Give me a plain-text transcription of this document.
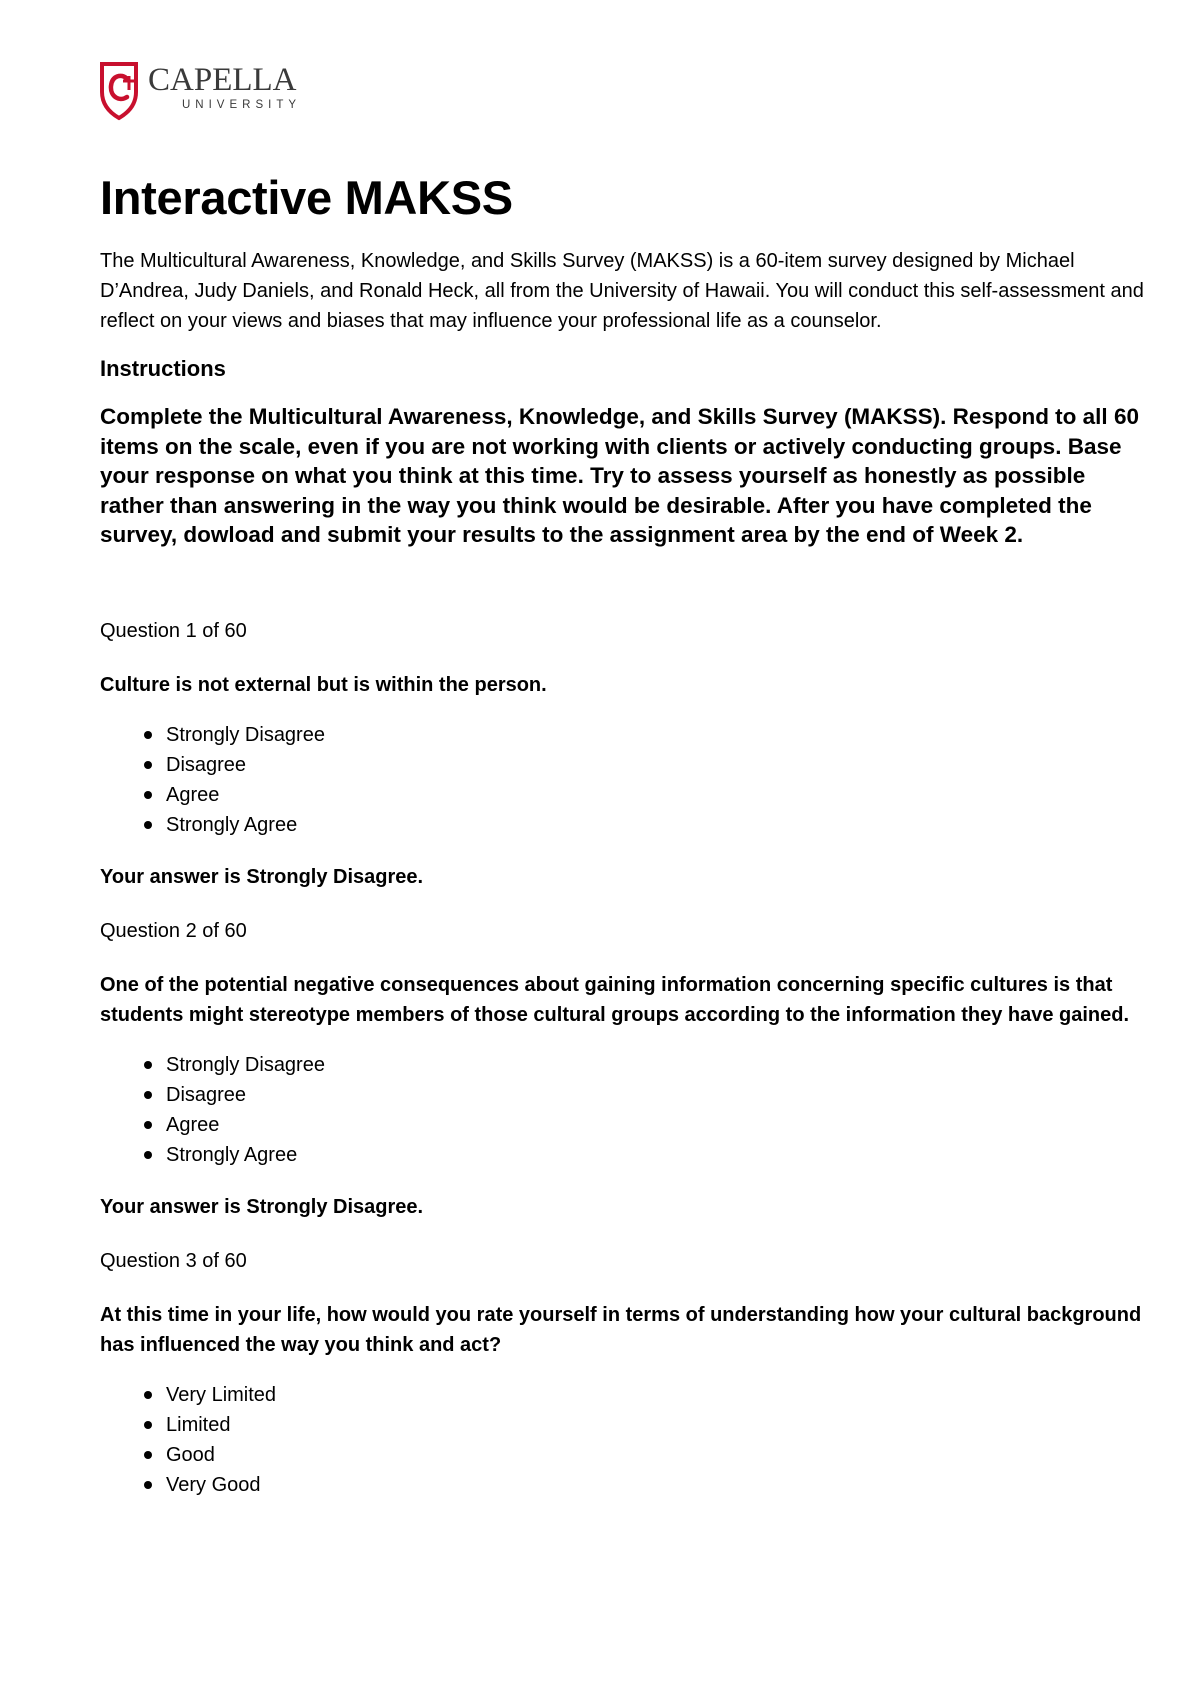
CAPELLA
UNIVERSITY
Interactive MAKSS

The Multicultural Awareness, Knowledge, and Skills Survey (MAKSS) is a 60-item survey designed by Michael D’Andrea, Judy Daniels, and Ronald Heck, all from the University of Hawaii. You will conduct this self-assessment and reflect on your views and biases that may influence your professional life as a counselor.

Instructions

Complete the Multicultural Awareness, Knowledge, and Skills Survey (MAKSS). Respond to all 60 items on the scale, even if you are not working with clients or actively conducting groups. Base your response on what you think at this time. Try to assess yourself as honestly as possible rather than answering in the way you think would be desirable. After you have completed the survey, dowload and submit your results to the assignment area by the end of Week 2.

Question 1 of 60
Culture is not external but is within the person.
Strongly Disagree
Disagree
Agree
Strongly Agree
Your answer is Strongly Disagree.
Question 2 of 60
One of the potential negative consequences about gaining information concerning specific cultures is that students might stereotype members of those cultural groups according to the information they have gained.
Strongly Disagree
Disagree
Agree
Strongly Agree
Your answer is Strongly Disagree.
Question 3 of 60
At this time in your life, how would you rate yourself in terms of understanding how your cultural background has influenced the way you think and act?
Very Limited
Limited
Good
Very Good
